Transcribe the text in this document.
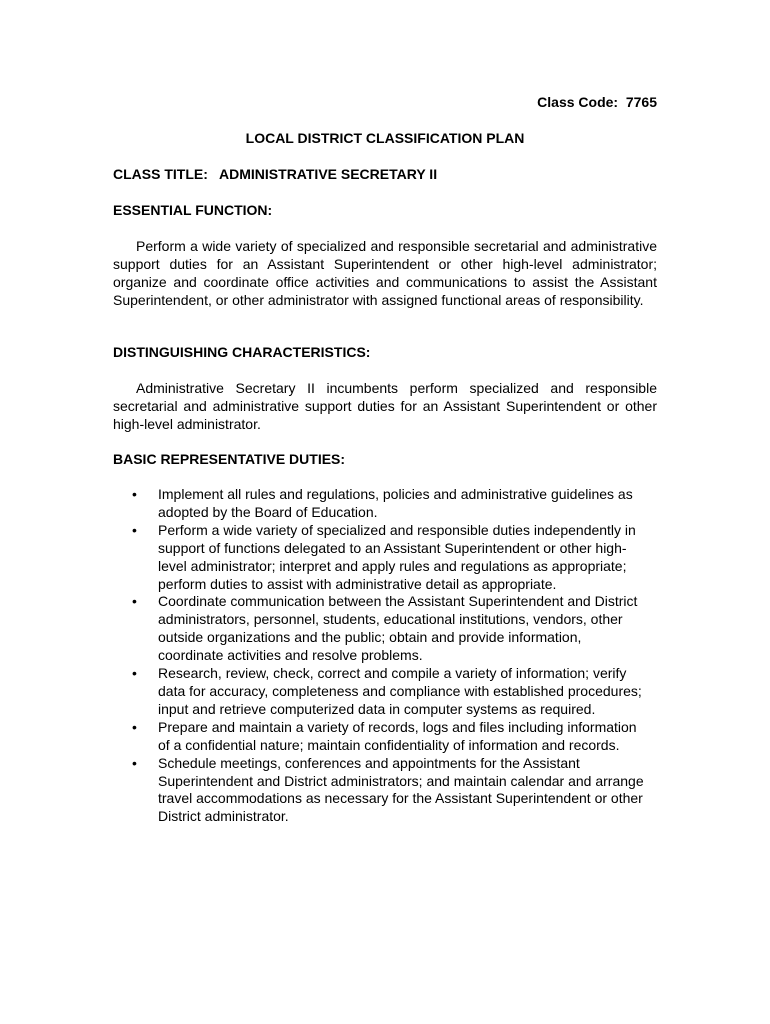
Class Code:  7765
LOCAL DISTRICT CLASSIFICATION PLAN
CLASS TITLE:   ADMINISTRATIVE SECRETARY II
ESSENTIAL FUNCTION:

Perform a wide variety of specialized and responsible secretarial and administrative support duties for an Assistant Superintendent or other high-level administrator; organize and coordinate office activities and communications to assist the Assistant Superintendent, or other administrator with assigned functional areas of responsibility.

DISTINGUISHING CHARACTERISTICS:

Administrative Secretary II incumbents perform specialized and responsible secretarial and administrative support duties for an Assistant Superintendent or other high-level administrator.

BASIC REPRESENTATIVE DUTIES:
• Implement all rules and regulations, policies and administrative guidelines as adopted by the Board of Education.
• Perform a wide variety of specialized and responsible duties independently in support of functions delegated to an Assistant Superintendent or other high-level administrator; interpret and apply rules and regulations as appropriate; perform duties to assist with administrative detail as appropriate.
• Coordinate communication between the Assistant Superintendent and District administrators, personnel, students, educational institutions, vendors, other outside organizations and the public; obtain and provide information, coordinate activities and resolve problems.
• Research, review, check, correct and compile a variety of information; verify data for accuracy, completeness and compliance with established procedures; input and retrieve computerized data in computer systems as required.
• Prepare and maintain a variety of records, logs and files including information of a confidential nature; maintain confidentiality of information and records.
• Schedule meetings, conferences and appointments for the Assistant Superintendent and District administrators; and maintain calendar and arrange travel accommodations as necessary for the Assistant Superintendent or other District administrator.
